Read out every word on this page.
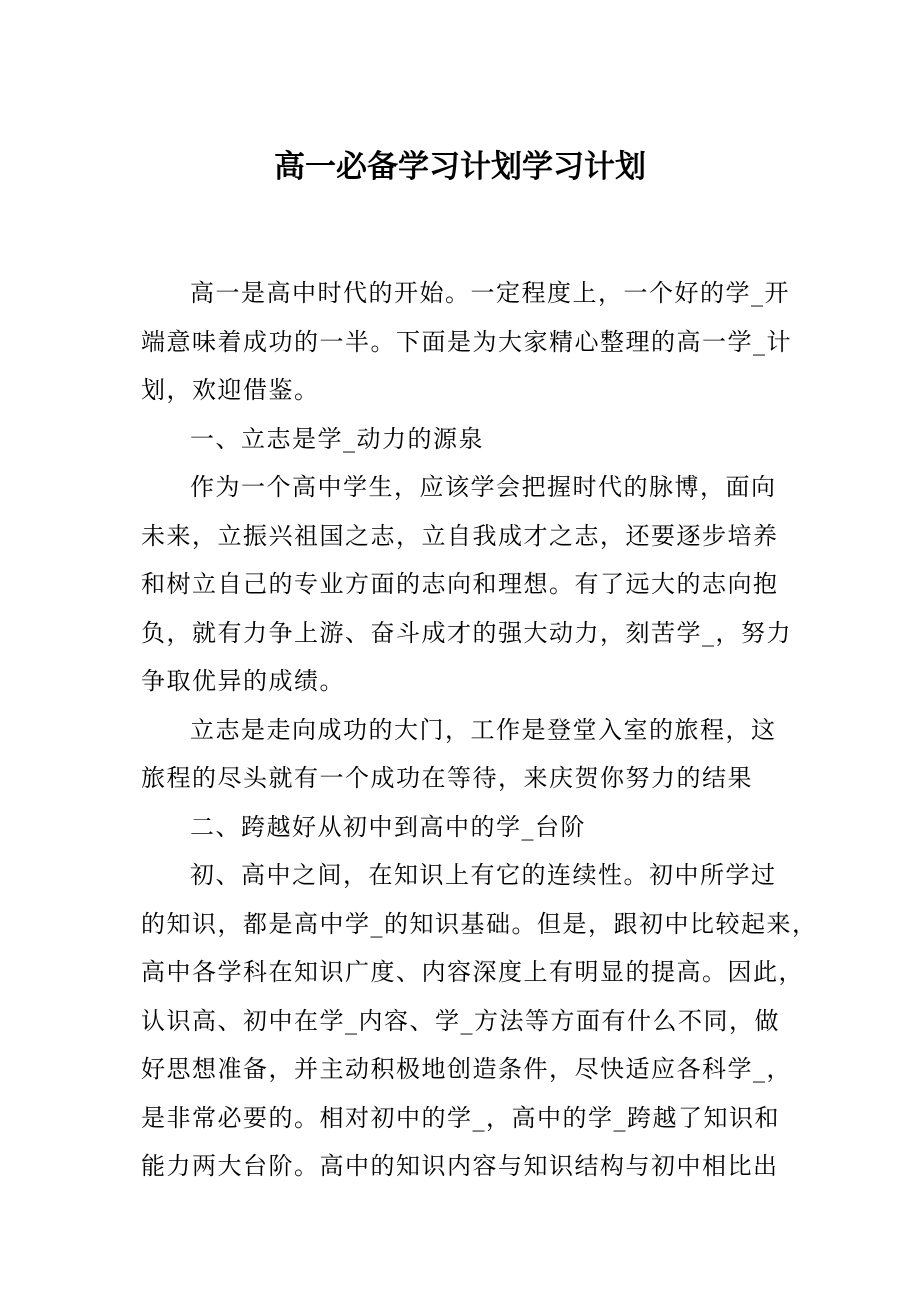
高一必备学习计划学习计划
高一是高中时代的开始。一定程度上，一个好的学_开
端意味着成功的一半。下面是为大家精心整理的高一学_计
划，欢迎借鉴。
一、立志是学_动力的源泉
作为一个高中学生，应该学会把握时代的脉博，面向
未来，立振兴祖国之志，立自我成才之志，还要逐步培养
和树立自己的专业方面的志向和理想。有了远大的志向抱
负，就有力争上游、奋斗成才的强大动力，刻苦学_，努力
争取优异的成绩。
立志是走向成功的大门，工作是登堂入室的旅程，这
旅程的尽头就有一个成功在等待，来庆贺你努力的结果
二、跨越好从初中到高中的学_台阶
初、高中之间，在知识上有它的连续性。初中所学过
的知识，都是高中学_的知识基础。但是，跟初中比较起来，
高中各学科在知识广度、内容深度上有明显的提高。因此，
认识高、初中在学_内容、学_方法等方面有什么不同，做
好思想准备，并主动积极地创造条件，尽快适应各科学_，
是非常必要的。相对初中的学_，高中的学_跨越了知识和
能力两大台阶。高中的知识内容与知识结构与初中相比出
